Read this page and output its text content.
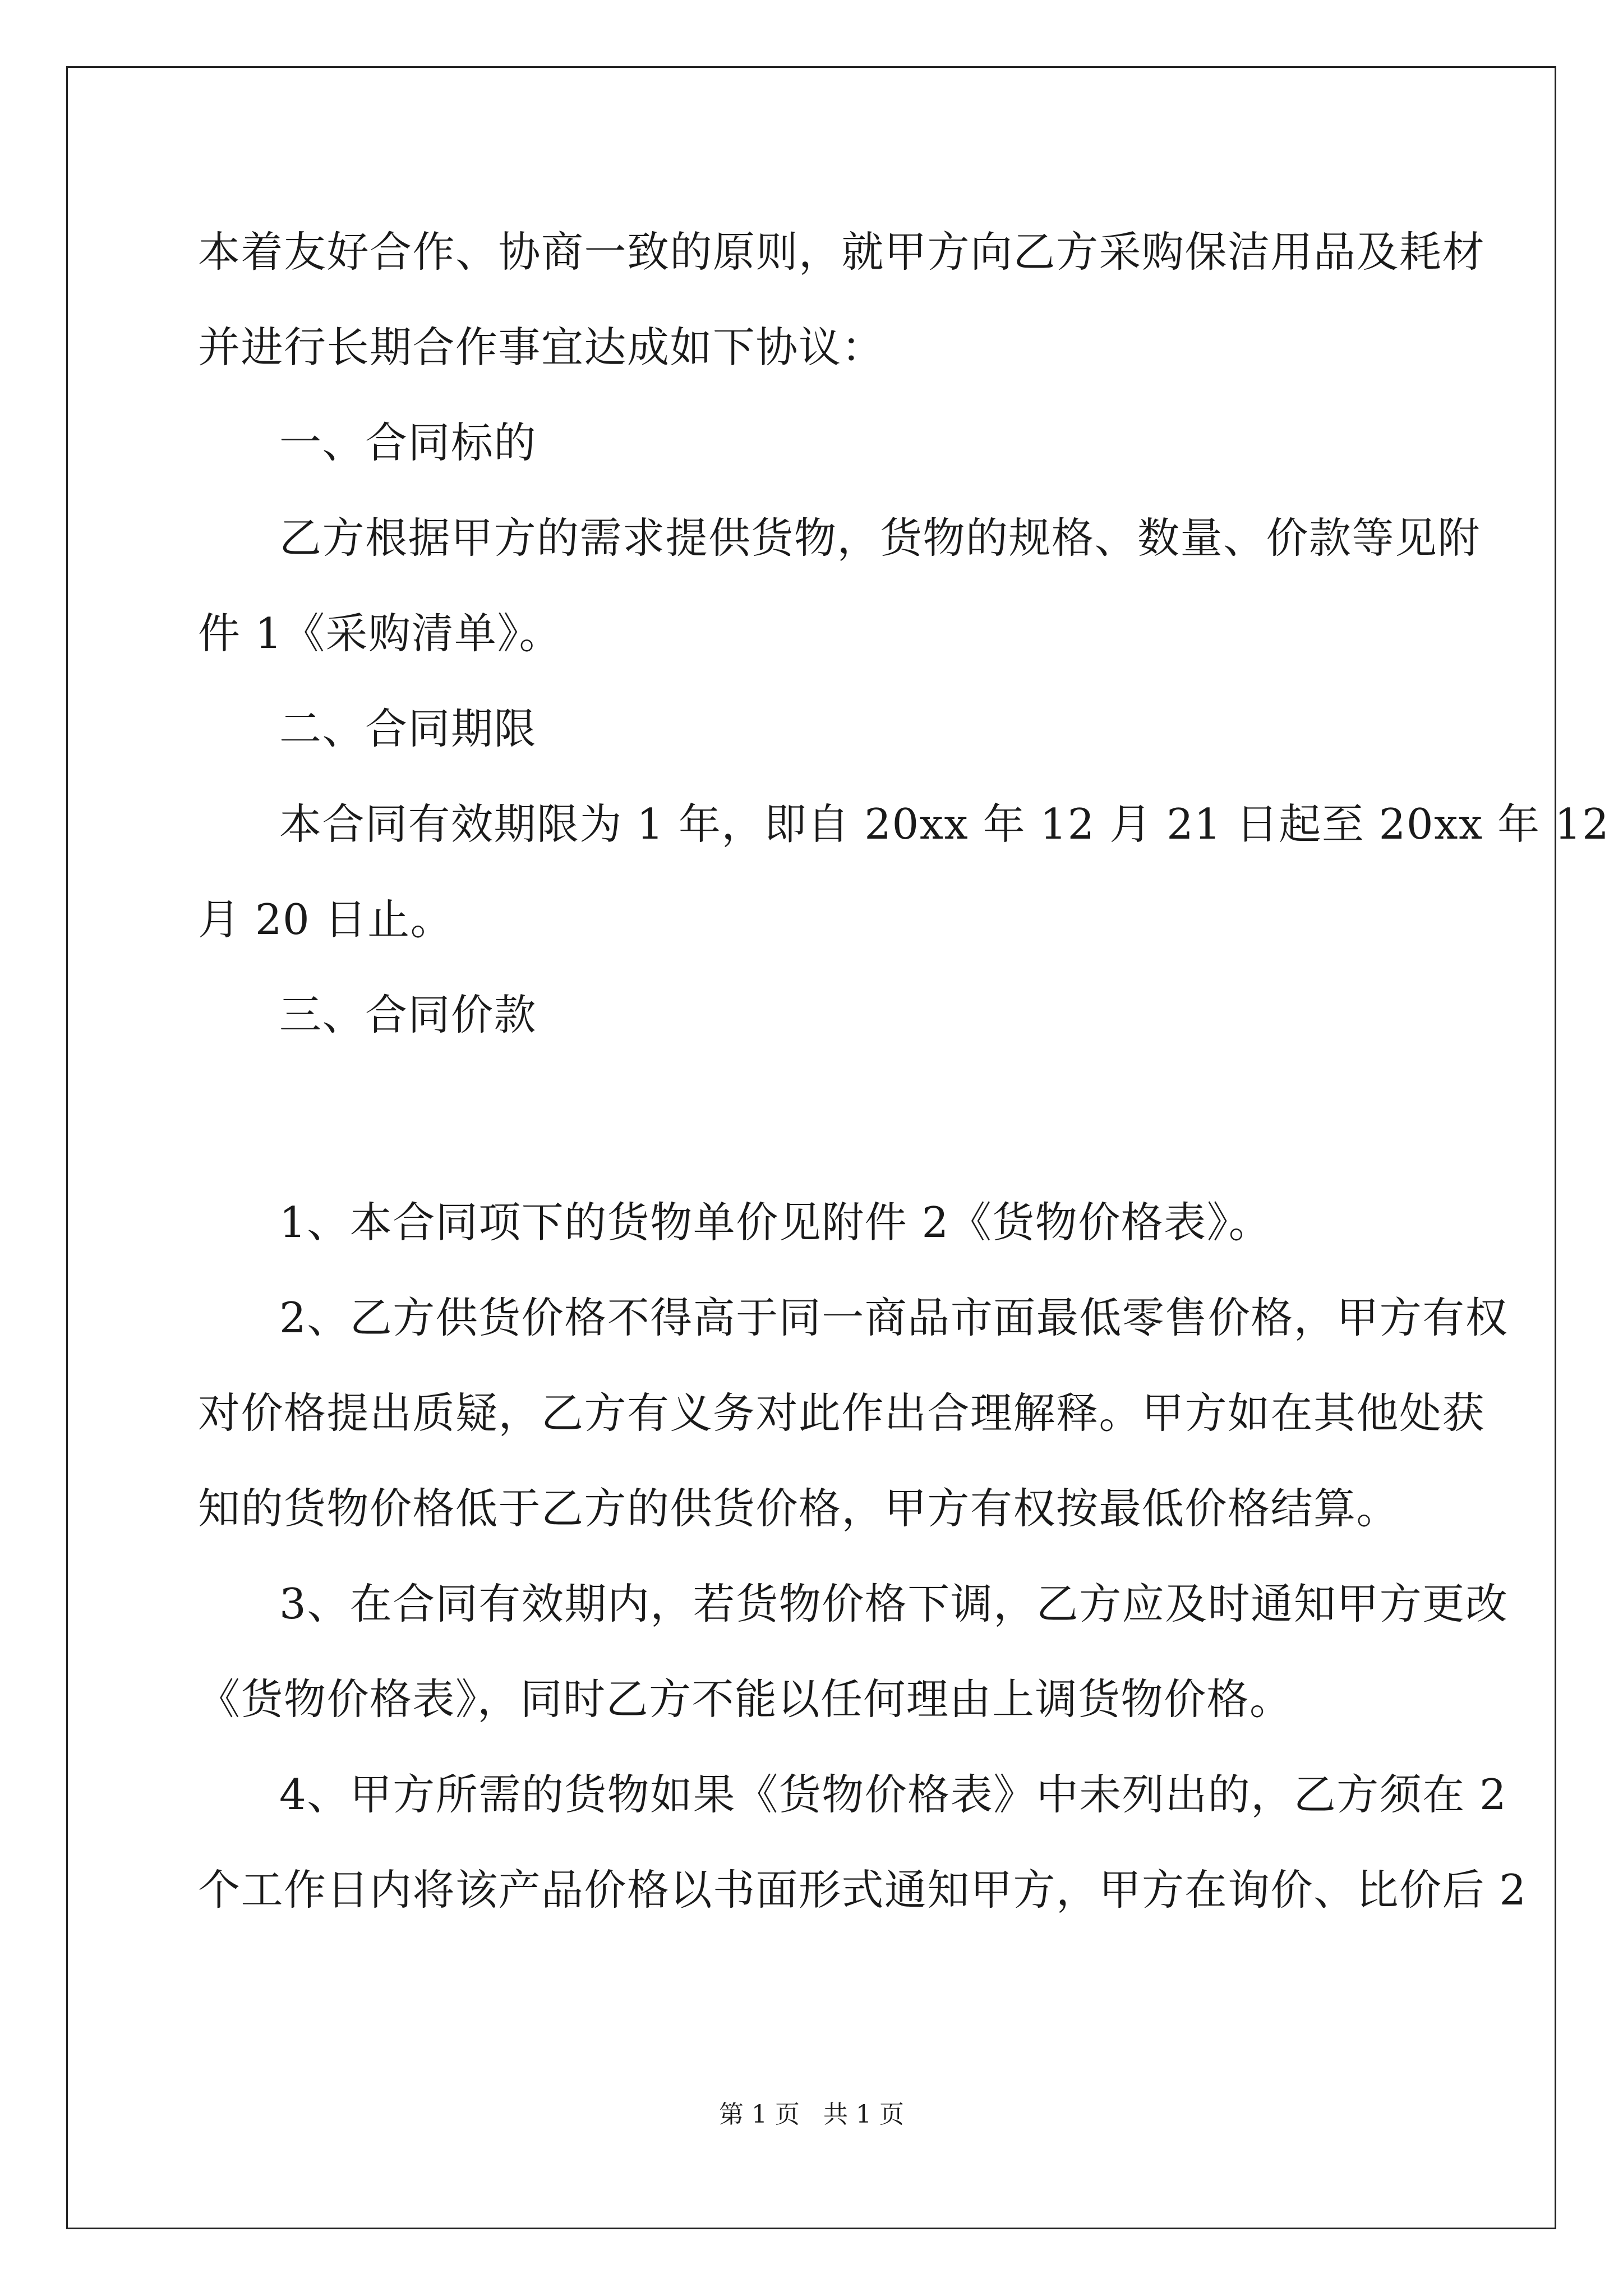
本着友好合作、协商一致的原则，就甲方向乙方采购保洁用品及耗材
并进行长期合作事宜达成如下协议：
一、合同标的
乙方根据甲方的需求提供货物，货物的规格、数量、价款等见附
件 1《采购清单》。
二、合同期限
本合同有效期限为 1 年，即自 20xx 年 12 月 21 日起至 20xx 年 12
月 20 日止。
三、合同价款
1、本合同项下的货物单价见附件 2《货物价格表》。
2、乙方供货价格不得高于同一商品市面最低零售价格，甲方有权
对价格提出质疑，乙方有义务对此作出合理解释。甲方如在其他处获
知的货物价格低于乙方的供货价格，甲方有权按最低价格结算。
3、在合同有效期内，若货物价格下调，乙方应及时通知甲方更改
《货物价格表》，同时乙方不能以任何理由上调货物价格。
4、甲方所需的货物如果《货物价格表》中未列出的，乙方须在 2
个工作日内将该产品价格以书面形式通知甲方，甲方在询价、比价后 2
第 1 页   共 1 页
